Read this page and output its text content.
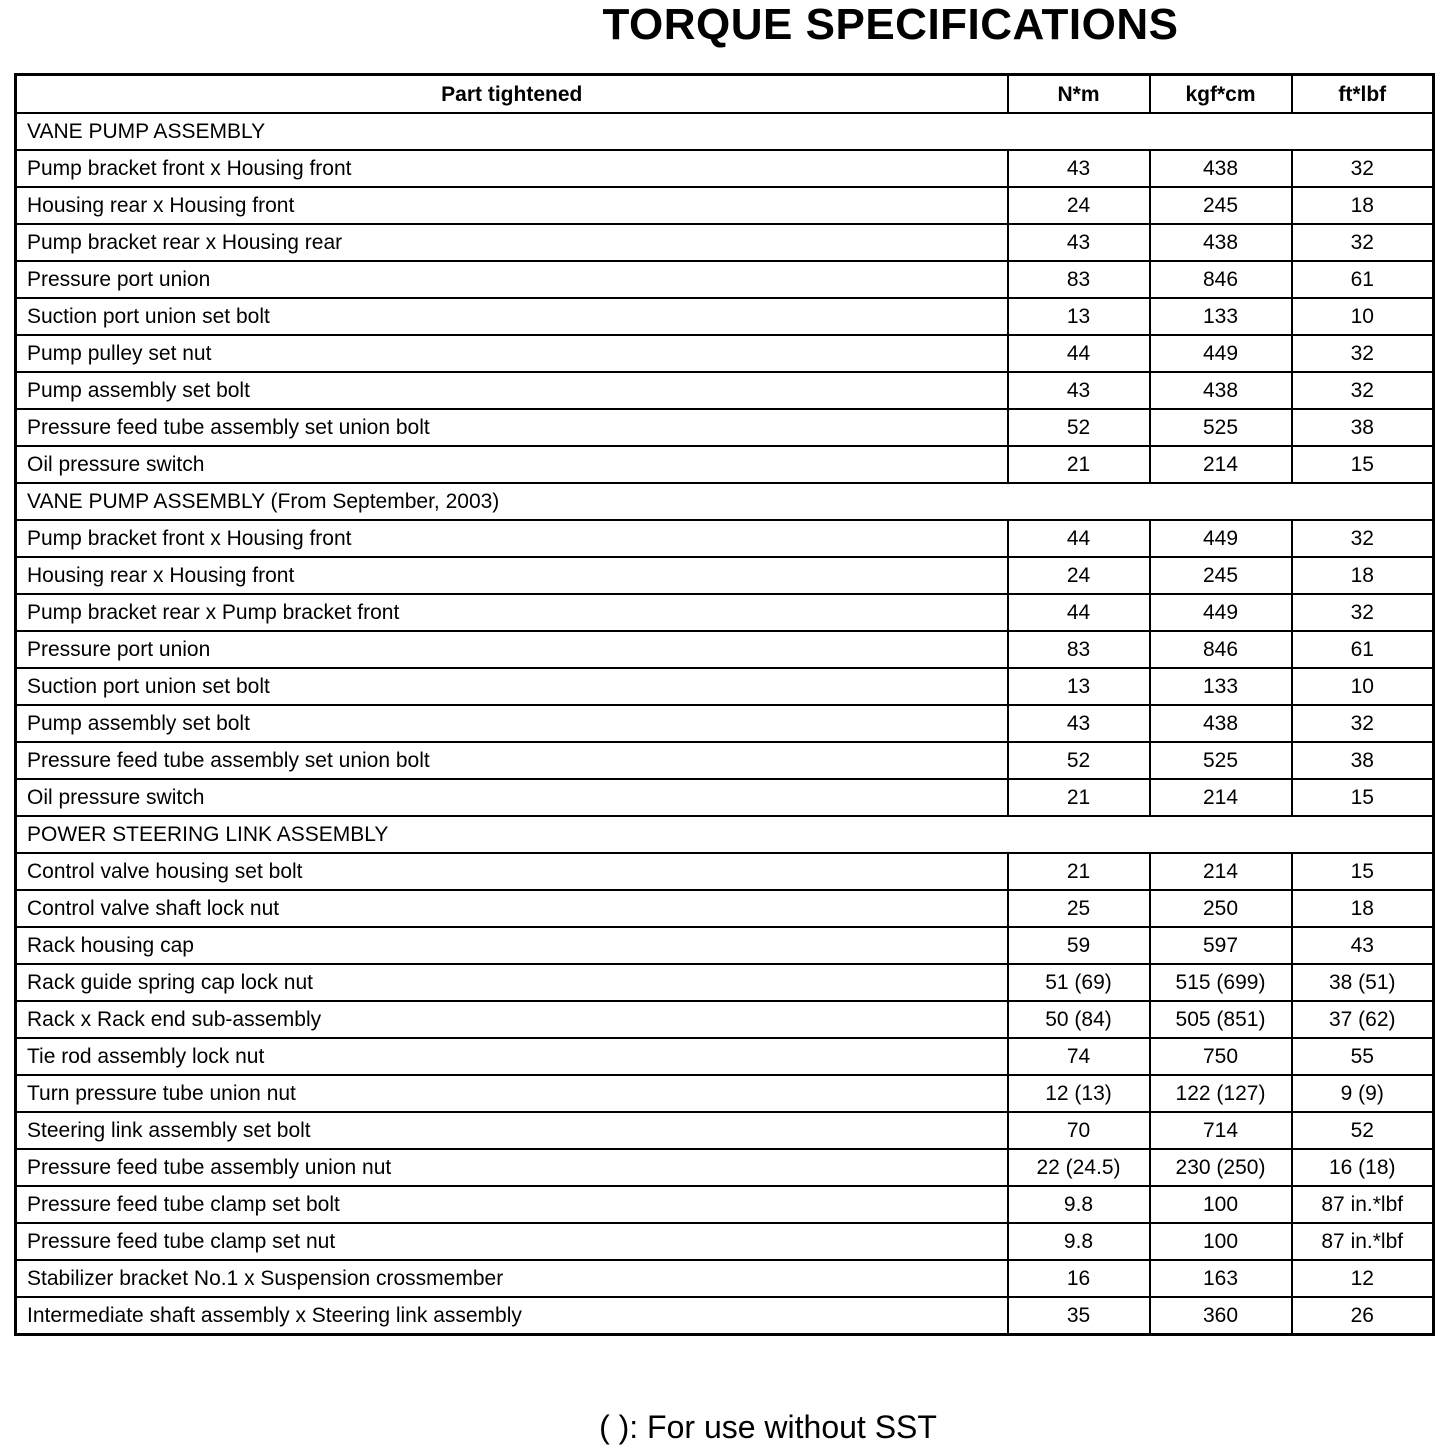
TORQUE SPECIFICATIONS
Part tightened	N*m	kgf*cm	ft*lbf
VANE PUMP ASSEMBLY			
Pump bracket front x Housing front	43	438	32
Housing rear x Housing front	24	245	18
Pump bracket rear x Housing rear	43	438	32
Pressure port union	83	846	61
Suction port union set bolt	13	133	10
Pump pulley set nut	44	449	32
Pump assembly set bolt	43	438	32
Pressure feed tube assembly set union bolt	52	525	38
Oil pressure switch	21	214	15
VANE PUMP ASSEMBLY (From September, 2003)			
Pump bracket front x Housing front	44	449	32
Housing rear x Housing front	24	245	18
Pump bracket rear x Pump bracket front	44	449	32
Pressure port union	83	846	61
Suction port union set bolt	13	133	10
Pump assembly set bolt	43	438	32
Pressure feed tube assembly set union bolt	52	525	38
Oil pressure switch	21	214	15
POWER STEERING LINK ASSEMBLY			
Control valve housing set bolt	21	214	15
Control valve shaft lock nut	25	250	18
Rack housing cap	59	597	43
Rack guide spring cap lock nut	51 (69)	515 (699)	38 (51)
Rack x Rack end sub-assembly	50 (84)	505 (851)	37 (62)
Tie rod assembly lock nut	74	750	55
Turn pressure tube union nut	12 (13)	122 (127)	9 (9)
Steering link assembly set bolt	70	714	52
Pressure feed tube assembly union nut	22 (24.5)	230 (250)	16 (18)
Pressure feed tube clamp set bolt	9.8	100	87 in.*lbf
Pressure feed tube clamp set nut	9.8	100	87 in.*lbf
Stabilizer bracket No.1 x Suspension crossmember	16	163	12
Intermediate shaft assembly x Steering link assembly	35	360	26
( ): For use without SST
